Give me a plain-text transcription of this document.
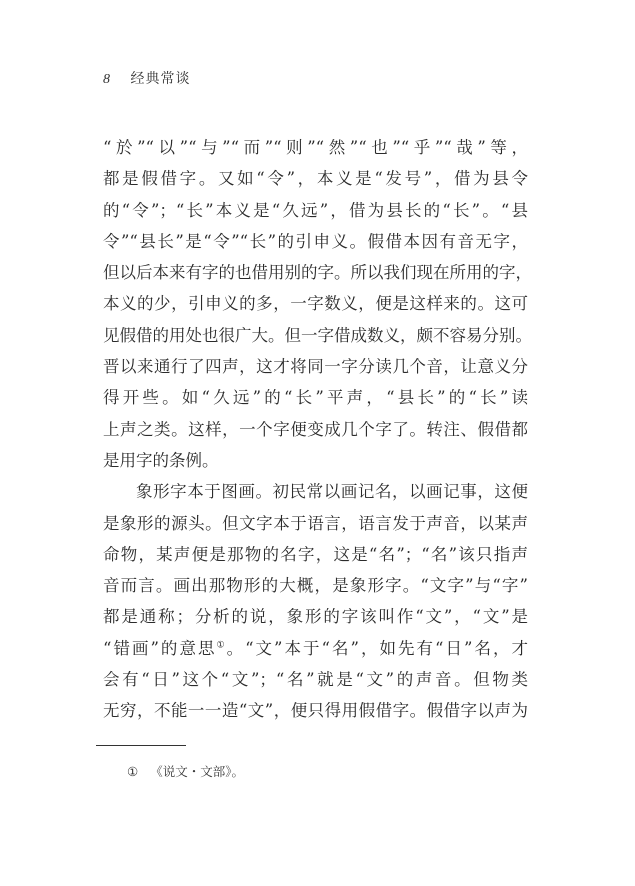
8 经典常谈
“於”“以”“与”“而”“则”“然”“也”“乎”“哉”等，
都是假借字。又如“令”，本义是“发号”，借为县令
的“令”；“长”本义是“久远”，借为县长的“长”。“县
令”“县长”是“令”“长”的引申义。假借本因有音无字，
但以后本来有字的也借用别的字。所以我们现在所用的字，
本义的少，引申义的多，一字数义，便是这样来的。这可
见假借的用处也很广大。但一字借成数义，颇不容易分别。
晋以来通行了四声，这才将同一字分读几个音，让意义分
得开些。如“久远”的“长”平声，“县长”的“长”读
上声之类。这样，一个字便变成几个字了。转注、假借都
是用字的条例。
象形字本于图画。初民常以画记名，以画记事，这便
是象形的源头。但文字本于语言，语言发于声音，以某声
命物，某声便是那物的名字，这是“名”；“名”该只指声
音而言。画出那物形的大概，是象形字。“文字”与“字”
都是通称；分析的说，象形的字该叫作“文”，“文”是
“错画”的意思①。“文”本于“名”，如先有“日”名，才
会有“日”这个“文”；“名”就是“文”的声音。但物类
无穷，不能一一造“文”，便只得用假借字。假借字以声为
① 《说文・文部》。
